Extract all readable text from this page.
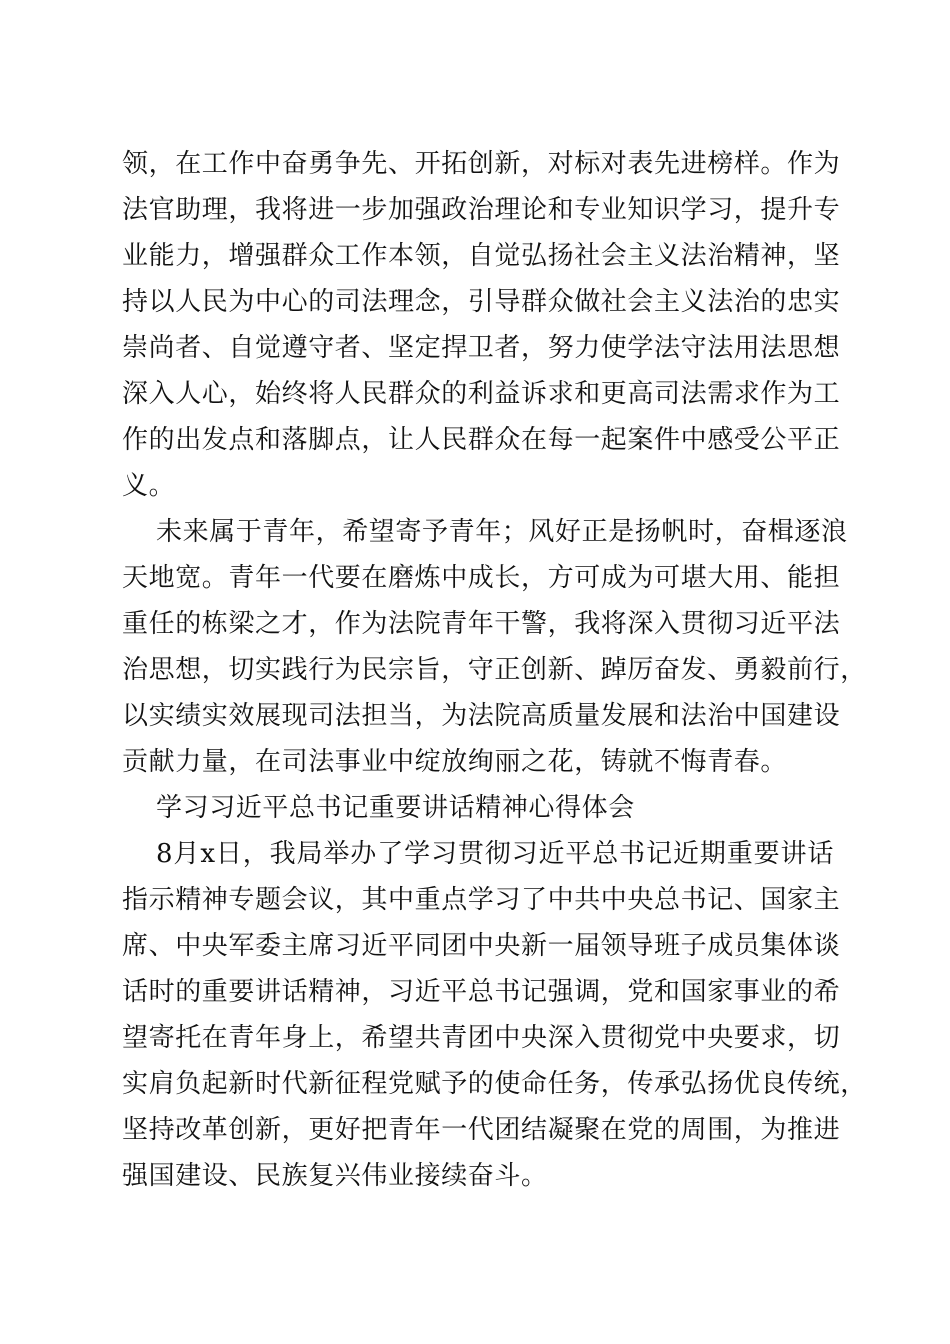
领，在工作中奋勇争先、开拓创新，对标对表先进榜样。作为
法官助理，我将进一步加强政治理论和专业知识学习，提升专
业能力，增强群众工作本领，自觉弘扬社会主义法治精神，坚
持以人民为中心的司法理念，引导群众做社会主义法治的忠实
崇尚者、自觉遵守者、坚定捍卫者，努力使学法守法用法思想
深入人心，始终将人民群众的利益诉求和更高司法需求作为工
作的出发点和落脚点，让人民群众在每一起案件中感受公平正
义。
未来属于青年，希望寄予青年；风好正是扬帆时，奋楫逐浪
天地宽。青年一代要在磨炼中成长，方可成为可堪大用、能担
重任的栋梁之才，作为法院青年干警，我将深入贯彻习近平法
治思想，切实践行为民宗旨，守正创新、踔厉奋发、勇毅前行，
以实绩实效展现司法担当，为法院高质量发展和法治中国建设
贡献力量，在司法事业中绽放绚丽之花，铸就不悔青春。
学习习近平总书记重要讲话精神心得体会
8月x日，我局举办了学习贯彻习近平总书记近期重要讲话
指示精神专题会议，其中重点学习了中共中央总书记、国家主
席、中央军委主席习近平同团中央新一届领导班子成员集体谈
话时的重要讲话精神，习近平总书记强调，党和国家事业的希
望寄托在青年身上，希望共青团中央深入贯彻党中央要求，切
实肩负起新时代新征程党赋予的使命任务，传承弘扬优良传统，
坚持改革创新，更好把青年一代团结凝聚在党的周围，为推进
强国建设、民族复兴伟业接续奋斗。
